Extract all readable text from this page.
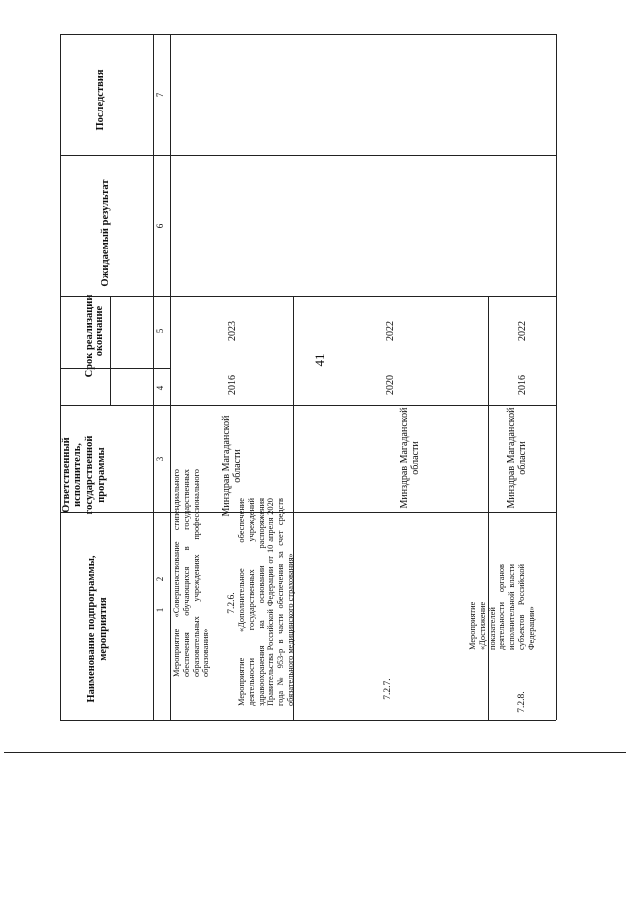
41
Наименование подпрограммы, мероприятия
Ответственный исполнитель, государственной программы
Срок реализации окончание
Ожидаемый результат
Последствия
1
2
3
4
5
6
7
7.2.6.
Мероприятие «Совершенствование стипендиального обеспечения обучающихся в государственных образовательных учреждениях профессионального образования»
Минздрав Магаданской области
2016
2023
7.2.7.
Мероприятие «Дополнительное обеспечение деятельности государственных учреждений здравоохранения на основании распоряжения Правительства Российской Федерации от 10 апреля 2020 года № 953-р в части обеспечения за счет средств обязательного медицинского страхования»
Минздрав Магаданской области
2020
2022
7.2.8.
Мероприятие «Достижение показателей деятельности органов исполнительной власти субъектов Российской Федерации»
Минздрав Магаданской области
2016
2022
